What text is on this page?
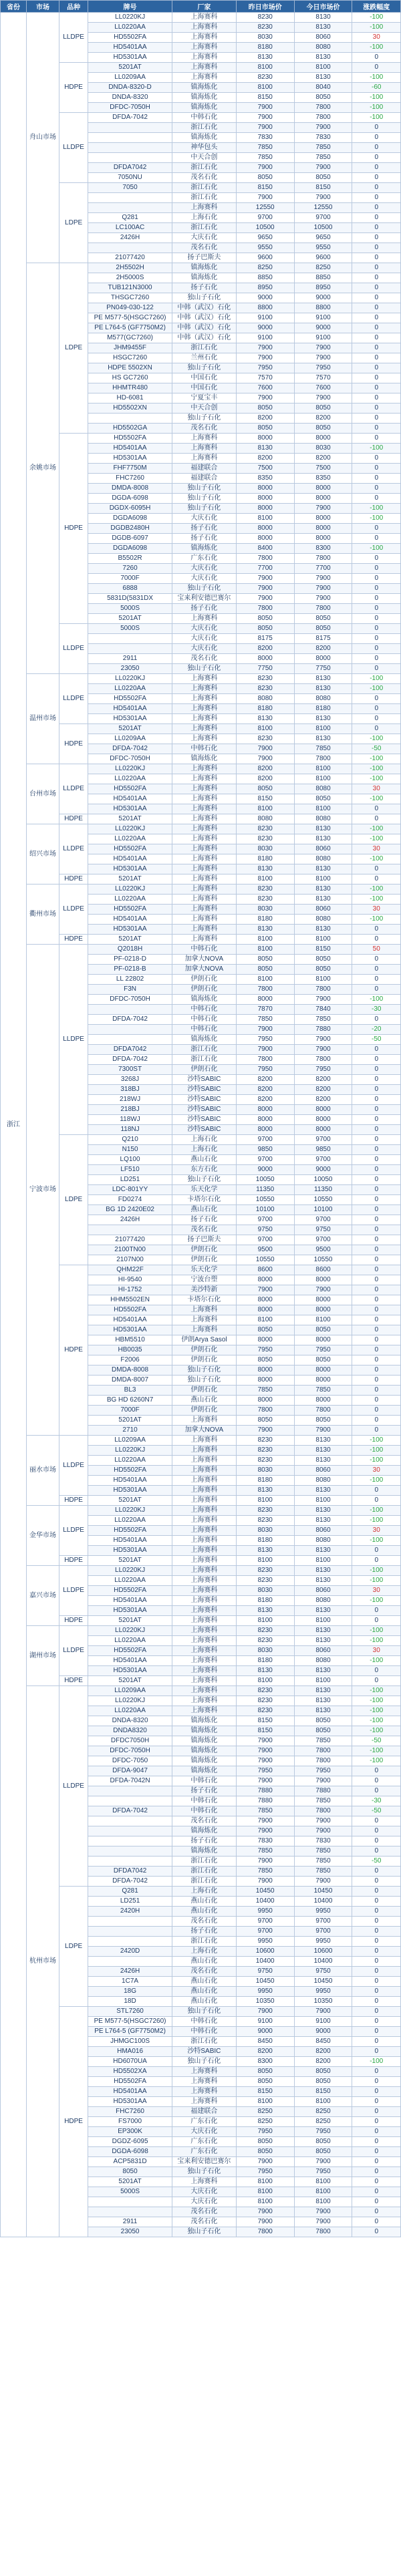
省份	市场	品种	牌号	厂家	昨日市场价	今日市场价	涨跌幅度
浙江	舟山市场	LLDPE	LL0220KJ	上海赛科	8230	8130	-100
			LL0220AA	上海赛科	8230	8130	-100
			HD5502FA	上海赛科	8030	8060	30
			HD5401AA	上海赛科	8180	8080	-100
			HD5301AA	上海赛科	8130	8130	0
		HDPE	5201AT	上海赛科	8100	8100	0
			LL0209AA	上海赛科	8230	8130	-100
			DNDA-8320-D	镇海炼化	8100	8040	-60
			DNDA-8320	镇海炼化	8150	8050	-100
			DFDC-7050H	镇海炼化	7900	7800	-100
		LLDPE	DFDA-7042	中韩石化	7900	7800	-100
				浙江石化	7900	7900	0
				镇海炼化	7830	7830	0
				神华包头	7850	7850	0
				中天合创	7850	7850	0
			DFDA7042	浙江石化	7900	7900	0
			7050NU	茂名石化	8050	8050	0
		LDPE	7050	浙江石化	8150	8150	0
				浙江石化	7900	7900	0
				上海赛科	12550	12550	0
			Q281	上海石化	9700	9700	0
			LC100AC	浙江石化	10500	10500	0
			2426H	大庆石化	9650	9650	0
				茂名石化	9550	9550	0
			21077420	扬子巴斯夫	9600	9600	0
	余姚市场	LDPE	2H5502H	镇海炼化	8250	8250	0
			2H5000S	镇海炼化	8850	8850	0
			TUB121N3000	扬子石化	8950	8950	0
			THSGC7260	独山子石化	9000	9000	0
			PN049-030-122	中韩（武汉）石化	8800	8800	0
			PE M577-5(HSGC7260)	中韩（武汉）石化	9100	9100	0
			PE L764-5 (GF7750M2)	中韩（武汉）石化	9000	9000	0
			M577(GC7260)	中韩（武汉）石化	9100	9100	0
			JHM9455F	浙江石化	7900	7900	0
			HSGC7260	兰州石化	7900	7900	0
			HDPE 5502XN	独山子石化	7950	7950	0
			HS GC7260	中国石化	7570	7570	0
			HHMTR480	中国石化	7600	7600	0
			HD-6081	宁夏宝丰	7900	7900	0
			HD5502XN	中天合创	8050	8050	0
				独山子石化	8200	8200	0
			HD5502GA	茂名石化	8050	8050	0
		HDPE	HD5502FA	上海赛科	8000	8000	0
			HD5401AA	上海赛科	8130	8030	-100
			HD5301AA	上海赛科	8200	8200	0
			FHF7750M	福建联合	7500	7500	0
			FHC7260	福建联合	8350	8350	0
			DMDA-8008	独山子石化	8000	8000	0
			DGDA-6098	独山子石化	8000	8000	0
			DGDX-6095H	独山子石化	8000	7900	-100
			DGDA6098	大庆石化	8100	8000	-100
			DGDB2480H	扬子石化	8000	8000	0
			DGDB-6097	扬子石化	8000	8000	0
			DGDA6098	镇海炼化	8400	8300	-100
			B5502R	广东石化	7800	7800	0
			7260	大庆石化	7700	7700	0
			7000F	大庆石化	7900	7900	0
			6888	独山子石化	7900	7900	0
			5831D(5831DX	宝来利安德巴赛尔	7900	7900	0
			5000S	扬子石化	7800	7800	0
			5201AT	上海赛科	8050	8050	0
		LLDPE	5000S	大庆石化	8050	8050	0
				大庆石化	8175	8175	0
				大庆石化	8200	8200	0
			2911	茂名石化	8000	8000	0
			23050	独山子石化	7750	7750	0
	温州市场	LLDPE	LL0220KJ	上海赛科	8230	8130	-100
			LL0220AA	上海赛科	8230	8130	-100
			HD5502FA	上海赛科	8080	8080	0
			HD5401AA	上海赛科	8180	8180	0
			HD5301AA	上海赛科	8130	8130	0
		HDPE	5201AT	上海赛科	8100	8100	0
			LL0209AA	上海赛科	8230	8130	-100
			DFDA-7042	中韩石化	7900	7850	-50
			DFDC-7050H	镇海炼化	7900	7800	-100
	台州市场	LLDPE	LL0220KJ	上海赛科	8200	8100	-100
			LL0220AA	上海赛科	8200	8100	-100
			HD5502FA	上海赛科	8050	8080	30
			HD5401AA	上海赛科	8150	8050	-100
			HD5301AA	上海赛科	8100	8100	0
		HDPE	5201AT	上海赛科	8080	8080	0
	绍兴市场	LLDPE	LL0220KJ	上海赛科	8230	8130	-100
			LL0220AA	上海赛科	8230	8130	-100
			HD5502FA	上海赛科	8030	8060	30
			HD5401AA	上海赛科	8180	8080	-100
			HD5301AA	上海赛科	8130	8130	0
		HDPE	5201AT	上海赛科	8100	8100	0
	衢州市场	LLDPE	LL0220KJ	上海赛科	8230	8130	-100
			LL0220AA	上海赛科	8230	8130	-100
			HD5502FA	上海赛科	8030	8060	30
			HD5401AA	上海赛科	8180	8080	-100
			HD5301AA	上海赛科	8130	8130	0
		HDPE	5201AT	上海赛科	8100	8100	0
	宁波市场	LLDPE	Q2018H	中韩石化	8100	8150	50
			PF-0218-D	加拿大NOVA	8050	8050	0
			PF-0218-B	加拿大NOVA	8050	8050	0
			LL 22802	伊朗石化	8100	8100	0
			F3N	伊朗石化	7800	7800	0
			DFDC-7050H	镇海炼化	8000	7900	-100
				中韩石化	7870	7840	-30
			DFDA-7042	中韩石化	7850	7850	0
				中韩石化	7900	7880	-20
				镇海炼化	7950	7900	-50
			DFDA7042	浙江石化	7900	7900	0
			DFDA-7042	浙江石化	7800	7800	0
			7300ST	伊朗石化	7950	7950	0
			3268J	沙特SABIC	8200	8200	0
			318BJ	沙特SABIC	8200	8200	0
			218WJ	沙特SABIC	8200	8200	0
			218BJ	沙特SABIC	8000	8000	0
			118WJ	沙特SABIC	8000	8000	0
			118NJ	沙特SABIC	8000	8000	0
		LDPE	Q210	上海石化	9700	9700	0
			N150	上海石化	9850	9850	0
			LQ100	燕山石化	9700	9700	0
			LF510	东方石化	9000	9000	0
			LD251	独山子石化	10050	10050	0
			LDC-801YY	乐天化学	11350	11350	0
			FD0274	卡塔尔石化	10550	10550	0
			BG 1D 2420E02	燕山石化	10100	10100	0
			2426H	扬子石化	9700	9700	0
				茂名石化	9750	9750	0
			21077420	扬子巴斯夫	9700	9700	0
			2100TN00	伊朗石化	9500	9500	0
			2107N00	伊朗石化	10550	10550	0
		HDPE	QHM22F	乐天化学	8600	8600	0
			HI-9540	宁波台塑	8000	8000	0
			HI-1752	美沙特新	7900	7900	0
			HHM5502EN	卡塔尔石化	8000	8000	0
			HD5502FA	上海赛科	8000	8000	0
			HD5401AA	上海赛科	8100	8100	0
			HD5301AA	上海赛科	8050	8050	0
			HBM5510	伊朗Arya Sasol	8000	8000	0
			HB0035	伊朗石化	7950	7950	0
			F2006	伊朗石化	8050	8050	0
			DMDA-8008	独山子石化	8000	8000	0
			DMDA-8007	独山子石化	8000	8000	0
			BL3	伊朗石化	7850	7850	0
			BG HD 6260N7	燕山石化	8000	8000	0
			7000F	伊朗石化	7800	7800	0
			5201AT	上海赛科	8050	8050	0
			2710	加拿大NOVA	7900	7900	0
	丽水市场	LLDPE	LL0209AA	上海赛科	8230	8130	-100
			LL0220KJ	上海赛科	8230	8130	-100
			LL0220AA	上海赛科	8230	8130	-100
			HD5502FA	上海赛科	8030	8060	30
			HD5401AA	上海赛科	8180	8080	-100
			HD5301AA	上海赛科	8130	8130	0
		HDPE	5201AT	上海赛科	8100	8100	0
	金华市场	LLDPE	LL0220KJ	上海赛科	8230	8130	-100
			LL0220AA	上海赛科	8230	8130	-100
			HD5502FA	上海赛科	8030	8060	30
			HD5401AA	上海赛科	8180	8080	-100
			HD5301AA	上海赛科	8130	8130	0
		HDPE	5201AT	上海赛科	8100	8100	0
	嘉兴市场	LLDPE	LL0220KJ	上海赛科	8230	8130	-100
			LL0220AA	上海赛科	8230	8130	-100
			HD5502FA	上海赛科	8030	8060	30
			HD5401AA	上海赛科	8180	8080	-100
			HD5301AA	上海赛科	8130	8130	0
		HDPE	5201AT	上海赛科	8100	8100	0
	湖州市场	LLDPE	LL0220KJ	上海赛科	8230	8130	-100
			LL0220AA	上海赛科	8230	8130	-100
			HD5502FA	上海赛科	8030	8060	30
			HD5401AA	上海赛科	8180	8080	-100
			HD5301AA	上海赛科	8130	8130	0
		HDPE	5201AT	上海赛科	8100	8100	0
	杭州市场	LLDPE	LL0209AA	上海赛科	8230	8130	-100
			LL0220KJ	上海赛科	8230	8130	-100
			LL0220AA	上海赛科	8230	8130	-100
			DNDA-8320	镇海炼化	8150	8050	-100
			DNDA8320	镇海炼化	8150	8050	-100
			DFDC7050H	镇海炼化	7900	7850	-50
			DFDC-7050H	镇海炼化	7900	7800	-100
			DFDC-7050	镇海炼化	7900	7800	-100
			DFDA-9047	镇海炼化	7950	7950	0
			DFDA-7042N	中韩石化	7900	7900	0
				扬子石化	7880	7880	0
				中韩石化	7880	7850	-30
			DFDA-7042	中韩石化	7850	7800	-50
				茂名石化	7900	7900	0
				镇海炼化	7900	7900	0
				扬子石化	7830	7830	0
				镇海炼化	7850	7850	0
				浙江石化	7900	7850	-50
			DFDA7042	浙江石化	7850	7850	0
			DFDA-7042	浙江石化	7900	7900	0
		LDPE	Q281	上海石化	10450	10450	0
			LD251	燕山石化	10400	10400	0
			2420H	燕山石化	9950	9950	0
				茂名石化	9700	9700	0
				扬子石化	9700	9700	0
				浙江石化	9950	9950	0
			2420D	上海石化	10600	10600	0
				燕山石化	10400	10400	0
			2426H	茂名石化	9750	9750	0
			1C7A	燕山石化	10450	10450	0
			18G	燕山石化	9950	9950	0
			18D	燕山石化	10350	10350	0
		HDPE	STL7260	独山子石化	7900	7900	0
			PE M577-5(HSGC7260)	中韩石化	9100	9100	0
			PE L764-5 (GF7750M2)	中韩石化	9000	9000	0
			JHMGC100S	浙江石化	8450	8450	0
			HMA016	沙特SABIC	8200	8200	0
			HD6070UA	独山子石化	8300	8200	-100
			HD5502XA	上海赛科	8050	8050	0
			HD5502FA	上海赛科	8050	8050	0
			HD5401AA	上海赛科	8150	8150	0
			HD5301AA	上海赛科	8100	8100	0
			FHC7260	福建联合	8250	8250	0
			FS7000	广东石化	8250	8250	0
			EP300K	大庆石化	7950	7950	0
			DGDZ-6095	广东石化	8050	8050	0
			DGDA-6098	广东石化	8050	8050	0
			ACP5831D	宝来利安德巴赛尔	7900	7900	0
			8050	独山子石化	7950	7950	0
			5201AT	上海赛科	8100	8100	0
			5000S	大庆石化	8100	8100	0
				大庆石化	8100	8100	0
				茂名石化	7900	7900	0
			2911	茂名石化	7900	7900	0
			23050	独山子石化	7800	7800	0
